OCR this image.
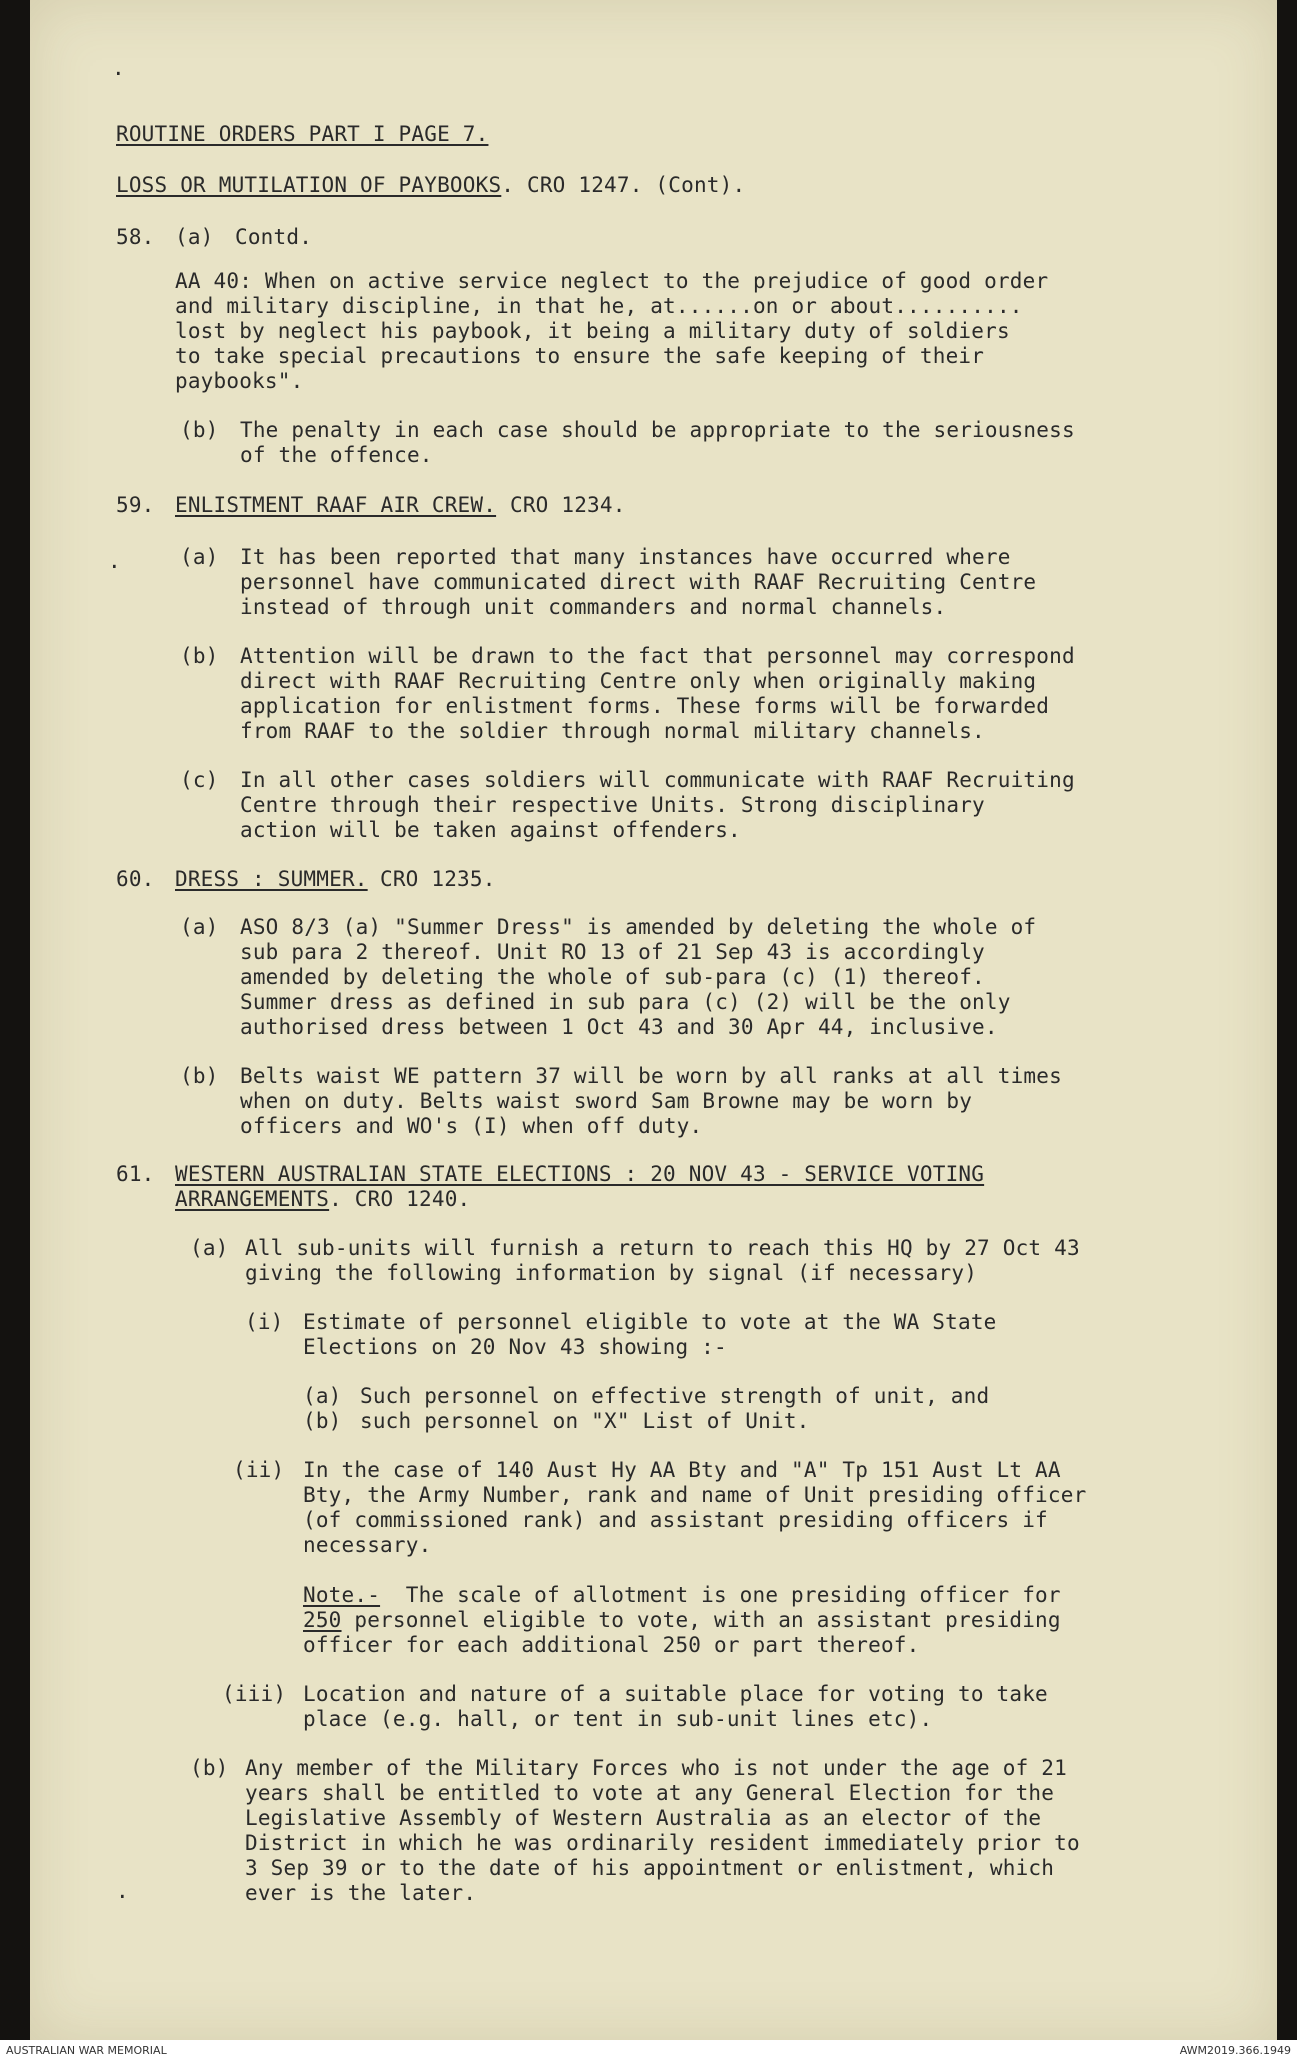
ROUTINE ORDERS PART I PAGE 7.
LOSS OR MUTILATION OF PAYBOOKS. CRO 1247. (Cont).
58. (a) Contd.
AA 40: When on active service neglect to the prejudice of good order
and military discipline, in that he, at......on or about..........
lost by neglect his paybook, it being a military duty of soldiers
to take special precautions to ensure the safe keeping of their
paybooks".
(b) The penalty in each case should be appropriate to the seriousness
of the offence.
59. ENLISTMENT RAAF AIR CREW. CRO 1234.
(a) It has been reported that many instances have occurred where
personnel have communicated direct with RAAF Recruiting Centre
instead of through unit commanders and normal channels.
(b) Attention will be drawn to the fact that personnel may correspond
direct with RAAF Recruiting Centre only when originally making
application for enlistment forms. These forms will be forwarded
from RAAF to the soldier through normal military channels.
(c) In all other cases soldiers will communicate with RAAF Recruiting
Centre through their respective Units. Strong disciplinary
action will be taken against offenders.
60. DRESS : SUMMER. CRO 1235.
(a) ASO 8/3 (a) "Summer Dress" is amended by deleting the whole of
sub para 2 thereof. Unit RO 13 of 21 Sep 43 is accordingly
amended by deleting the whole of sub-para (c) (1) thereof.
Summer dress as defined in sub para (c) (2) will be the only
authorised dress between 1 Oct 43 and 30 Apr 44, inclusive.
(b) Belts waist WE pattern 37 will be worn by all ranks at all times
when on duty. Belts waist sword Sam Browne may be worn by
officers and WO's (I) when off duty.
61. WESTERN AUSTRALIAN STATE ELECTIONS : 20 NOV 43 - SERVICE VOTING
ARRANGEMENTS. CRO 1240.
(a) All sub-units will furnish a return to reach this HQ by 27 Oct 43
giving the following information by signal (if necessary)
(i) Estimate of personnel eligible to vote at the WA State
Elections on 20 Nov 43 showing :-
(a) Such personnel on effective strength of unit, and
(b) such personnel on "X" List of Unit.
(ii) In the case of 140 Aust Hy AA Bty and "A" Tp 151 Aust Lt AA
Bty, the Army Number, rank and name of Unit presiding officer
(of commissioned rank) and assistant presiding officers if
necessary.
Note.- The scale of allotment is one presiding officer for
250 personnel eligible to vote, with an assistant presiding
officer for each additional 250 or part thereof.
(iii) Location and nature of a suitable place for voting to take
place (e.g. hall, or tent in sub-unit lines etc).
(b) Any member of the Military Forces who is not under the age of 21
years shall be entitled to vote at any General Election for the
Legislative Assembly of Western Australia as an elector of the
District in which he was ordinarily resident immediately prior to
3 Sep 39 or to the date of his appointment or enlistment, which
ever is the later.
·
·
·
AUSTRALIAN WAR MEMORIAL	AWM2019.366.1949
